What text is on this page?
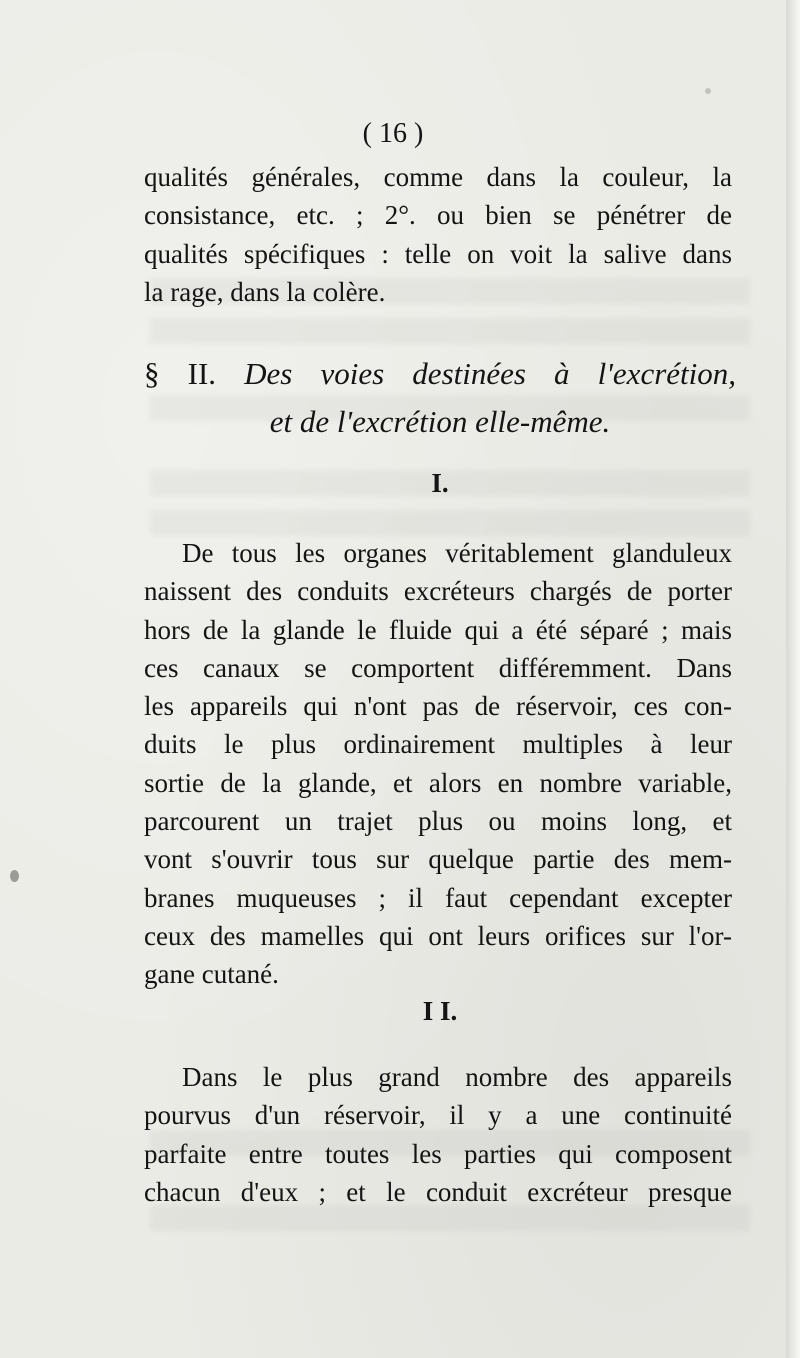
( 16 )

qualités générales, comme dans la couleur, la
consistance, etc. ; 2°. ou bien se pénétrer de
qualités spécifiques : telle on voit la salive dans
la rage, dans la colère.

§ II. Des voies destinées à l'excrétion,
et de l'excrétion elle-même.
I.

De tous les organes véritablement glanduleux
naissent des conduits excréteurs chargés de porter
hors de la glande le fluide qui a été séparé ; mais
ces canaux se comportent différemment. Dans
les appareils qui n'ont pas de réservoir, ces con-
duits le plus ordinairement multiples à leur
sortie de la glande, et alors en nombre variable,
parcourent un trajet plus ou moins long, et
vont s'ouvrir tous sur quelque partie des mem-
branes muqueuses ; il faut cependant excepter
ceux des mamelles qui ont leurs orifices sur l'or-
gane cutané.

I I.

Dans le plus grand nombre des appareils
pourvus d'un réservoir, il y a une continuité
parfaite entre toutes les parties qui composent
chacun d'eux ; et le conduit excréteur presque
